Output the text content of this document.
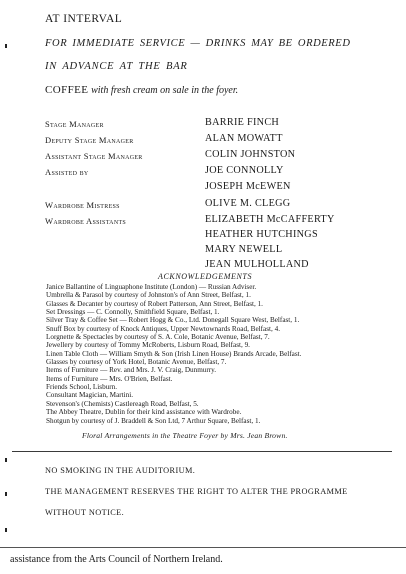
AT INTERVAL
FOR IMMEDIATE SERVICE — DRINKS MAY BE ORDERED
IN ADVANCE AT THE BAR
COFFEE with fresh cream on sale in the foyer.
Stage Manager	BARRIE FINCH
Deputy Stage Manager	ALAN MOWATT
Assistant Stage Manager	COLIN JOHNSTON
Assisted by	JOE CONNOLLY
JOSEPH McEWEN
Wardrobe Mistress	OLIVE M. CLEGG
Wardrobe Assistants	ELIZABETH McCAFFERTY
HEATHER HUTCHINGS
MARY NEWELL
JEAN MULHOLLAND
ACKNOWLEDGEMENTS
Janice Ballantine of Linguaphone Institute (London) — Russian Adviser.
Umbrella & Parasol by courtesy of Johnston's of Ann Street, Belfast, 1.
Glasses & Decanter by courtesy of Robert Patterson, Ann Street, Belfast, 1.
Set Dressings — C. Connolly, Smithfield Square, Belfast, 1.
Silver Tray & Coffee Set — Robert Hogg & Co., Ltd. Donegall Square West, Belfast, 1.
Snuff Box by courtesy of Knock Antiques, Upper Newtownards Road, Belfast, 4.
Lorgnette & Spectacles by courtesy of S. A. Cole, Botanic Avenue, Belfast, 7.
Jewellery by courtesy of Tommy McRoberts, Lisburn Road, Belfast, 9.
Linen Table Cloth — William Smyth & Son (Irish Linen House) Brands Arcade, Belfast.
Glasses by courtesy of York Hotel, Botanic Avenue, Belfast, 7.
Items of Furniture — Rev. and Mrs. J. V. Craig, Dunmurry.
Items of Furniture — Mrs. O'Brien, Belfast.
Friends School, Lisburn.
Consultant Magician, Martini.
Stevenson's (Chemists) Castlereagh Road, Belfast, 5.
The Abbey Theatre, Dublin for their kind assistance with Wardrobe.
Shotgun by courtesy of J. Braddell & Son Ltd, 7 Arthur Square, Belfast, 1.
Floral Arrangements in the Theatre Foyer by Mrs. Jean Brown.
NO SMOKING IN THE AUDITORIUM.
THE MANAGEMENT RESERVES THE RIGHT TO ALTER THE PROGRAMME
WITHOUT NOTICE.
assistance from the Arts Council of Northern Ireland.
